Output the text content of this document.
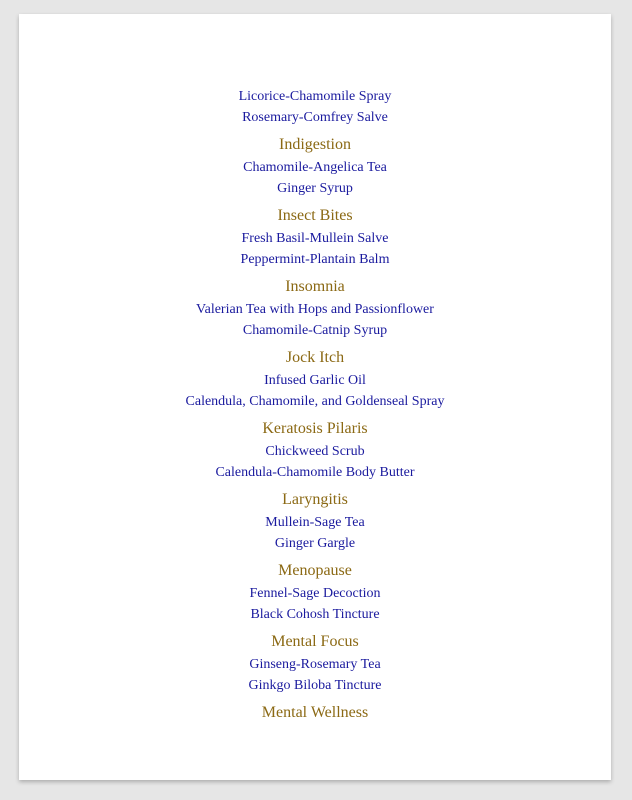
Licorice-Chamomile Spray
Rosemary-Comfrey Salve
Indigestion
Chamomile-Angelica Tea
Ginger Syrup
Insect Bites
Fresh Basil-Mullein Salve
Peppermint-Plantain Balm
Insomnia
Valerian Tea with Hops and Passionflower
Chamomile-Catnip Syrup
Jock Itch
Infused Garlic Oil
Calendula, Chamomile, and Goldenseal Spray
Keratosis Pilaris
Chickweed Scrub
Calendula-Chamomile Body Butter
Laryngitis
Mullein-Sage Tea
Ginger Gargle
Menopause
Fennel-Sage Decoction
Black Cohosh Tincture
Mental Focus
Ginseng-Rosemary Tea
Ginkgo Biloba Tincture
Mental Wellness
